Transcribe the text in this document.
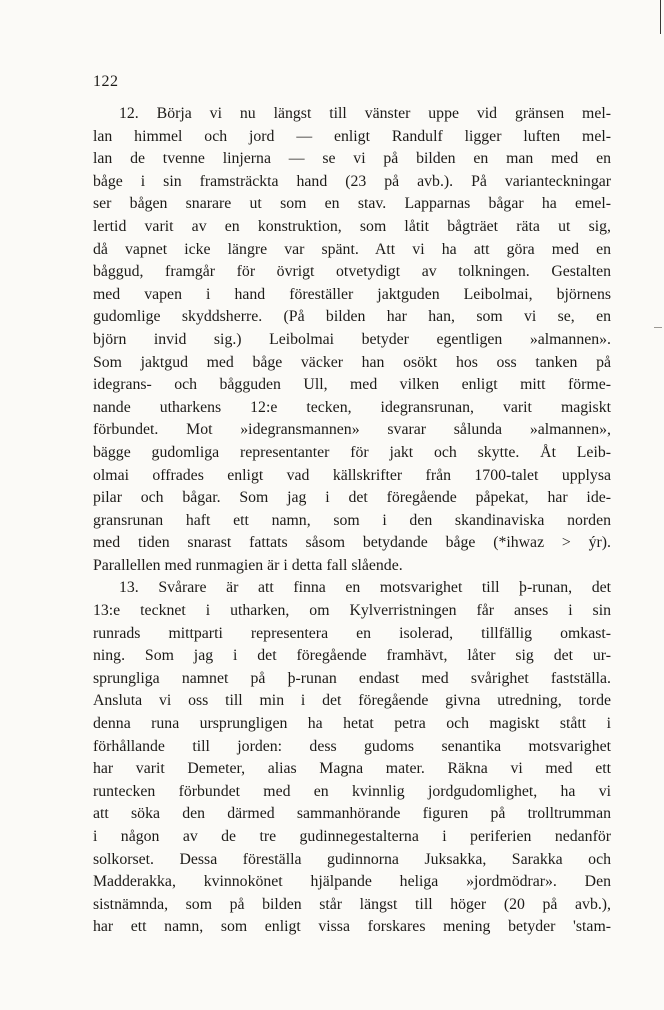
122
12. Börja vi nu längst till vänster uppe vid gränsen mel-
lan himmel och jord — enligt Randulf ligger luften mel-
lan de tvenne linjerna — se vi på bilden en man med en
båge i sin framsträckta hand (23 på avb.). På varianteckningar
ser bågen snarare ut som en stav. Lapparnas bågar ha emel-
lertid varit av en konstruktion, som låtit bågträet räta ut sig,
då vapnet icke längre var spänt. Att vi ha att göra med en
båggud, framgår för övrigt otvetydigt av tolkningen. Gestalten
med vapen i hand föreställer jaktguden Leibolmai, björnens
gudomlige skyddsherre. (På bilden har han, som vi se, en
björn invid sig.) Leibolmai betyder egentligen »almannen».
Som jaktgud med båge väcker han osökt hos oss tanken på
idegrans- och bågguden Ull, med vilken enligt mitt förme-
nande utharkens 12:e tecken, idegransrunan, varit magiskt
förbundet. Mot »idegransmannen» svarar sålunda »almannen»,
bägge gudomliga representanter för jakt och skytte. Åt Leib-
olmai offrades enligt vad källskrifter från 1700-talet upplysa
pilar och bågar. Som jag i det föregående påpekat, har ide-
gransrunan haft ett namn, som i den skandinaviska norden
med tiden snarast fattats såsom betydande båge (*ihwaz > ýr).
Parallellen med runmagien är i detta fall slående.
13. Svårare är att finna en motsvarighet till þ-runan, det
13:e tecknet i utharken, om Kylverristningen får anses i sin
runrads mittparti representera en isolerad, tillfällig omkast-
ning. Som jag i det föregående framhävt, låter sig det ur-
sprungliga namnet på þ-runan endast med svårighet fastställa.
Ansluta vi oss till min i det föregående givna utredning, torde
denna runa ursprungligen ha hetat petra och magiskt stått i
förhållande till jorden: dess gudoms senantika motsvarighet
har varit Demeter, alias Magna mater. Räkna vi med ett
runtecken förbundet med en kvinnlig jordgudomlighet, ha vi
att söka den därmed sammanhörande figuren på trolltrumman
i någon av de tre gudinnegestalterna i periferien nedanför
solkorset. Dessa föreställa gudinnorna Juksakka, Sarakka och
Madderakka, kvinnokönet hjälpande heliga »jordmödrar». Den
sistnämnda, som på bilden står längst till höger (20 på avb.),
har ett namn, som enligt vissa forskares mening betyder 'stam-
